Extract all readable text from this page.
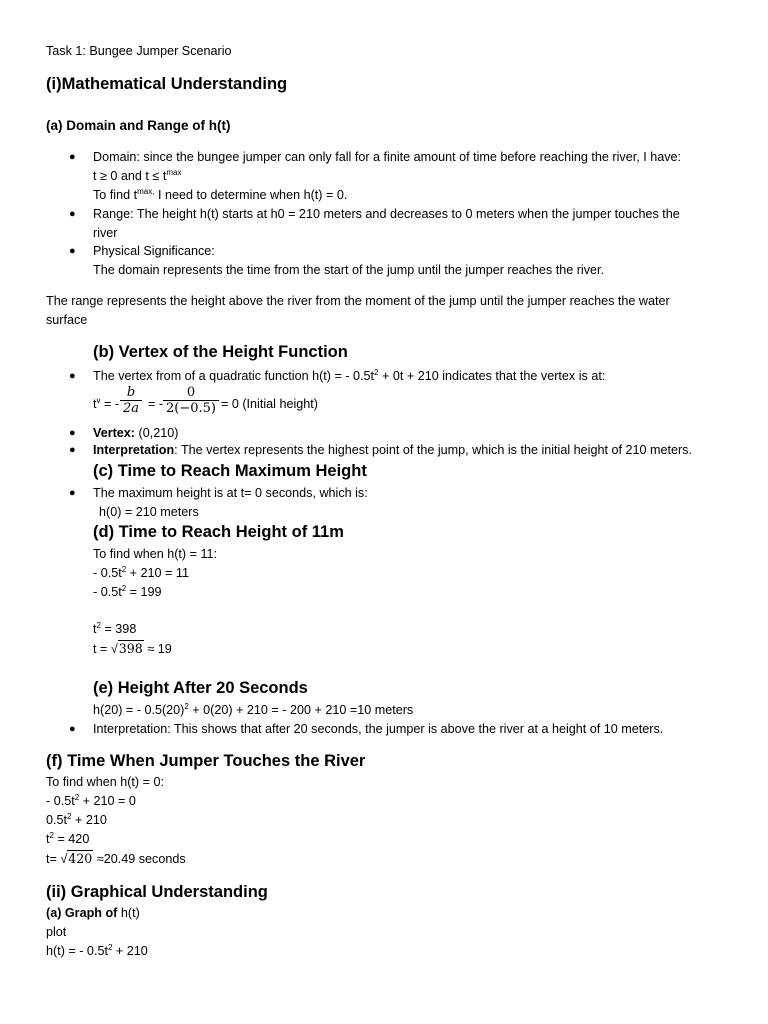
Task 1: Bungee Jumper Scenario
(i)Mathematical Understanding
(a) Domain and Range of h(t)
● Domain: since the bungee jumper can only fall for a finite amount of time before reaching the river, I have:
t ≥ 0 and $t \le t^{max}$
To find $t^{max,}$ I need to determine when h(t) = 0.
● Range: The height h(t) starts at h0 = 210 meters and decreases to 0 meters when the jumper touches the
river
● Physical Significance:
The domain represents the time from the start of the jump until the jumper reaches the river.
The range represents the height above the river from the moment of the jump until the jumper reaches the water
surface
(b) Vertex of the Height Function
● The vertex from of a quadratic function h(t) = - $0.5t^2 + 0t + 210$ indicates that the vertex is at:
$t^v$ = - $\frac{b}{2a}$ = - $\frac{0}{2(-0.5)} = 0$ (Initial height)
● Vertex: (0,210)
● Interpretation: The vertex represents the highest point of the jump, which is the initial height of 210 meters.
(c) Time to Reach Maximum Height
● The maximum height is at t= 0 seconds, which is:
h(0) = 210 meters
(d) Time to Reach Height of 11m
To find when h(t) = 11:
- $0.5t^2 + 210 = 11$
- $0.5t^2 = 199$
$t^2 = 398$
t = √398 ≈ 19
(e) Height After 20 Seconds
h(20) = - $0.5(20)^2 + 0(20) + 210$ = - 200 + 210 =10 meters
● Interpretation: This shows that after 20 seconds, the jumper is above the river at a height of 10 meters.
(f) Time When Jumper Touches the River
To find when h(t) = 0:
- $0.5t^2 + 210 = 0$
$0.5t^2 + 210$
$t^2 = 420$
t= √420 ≈20.49 seconds
(ii) Graphical Understanding
(a) Graph of h(t)
plot
h(t) = - $0.5t^2 + 210$
